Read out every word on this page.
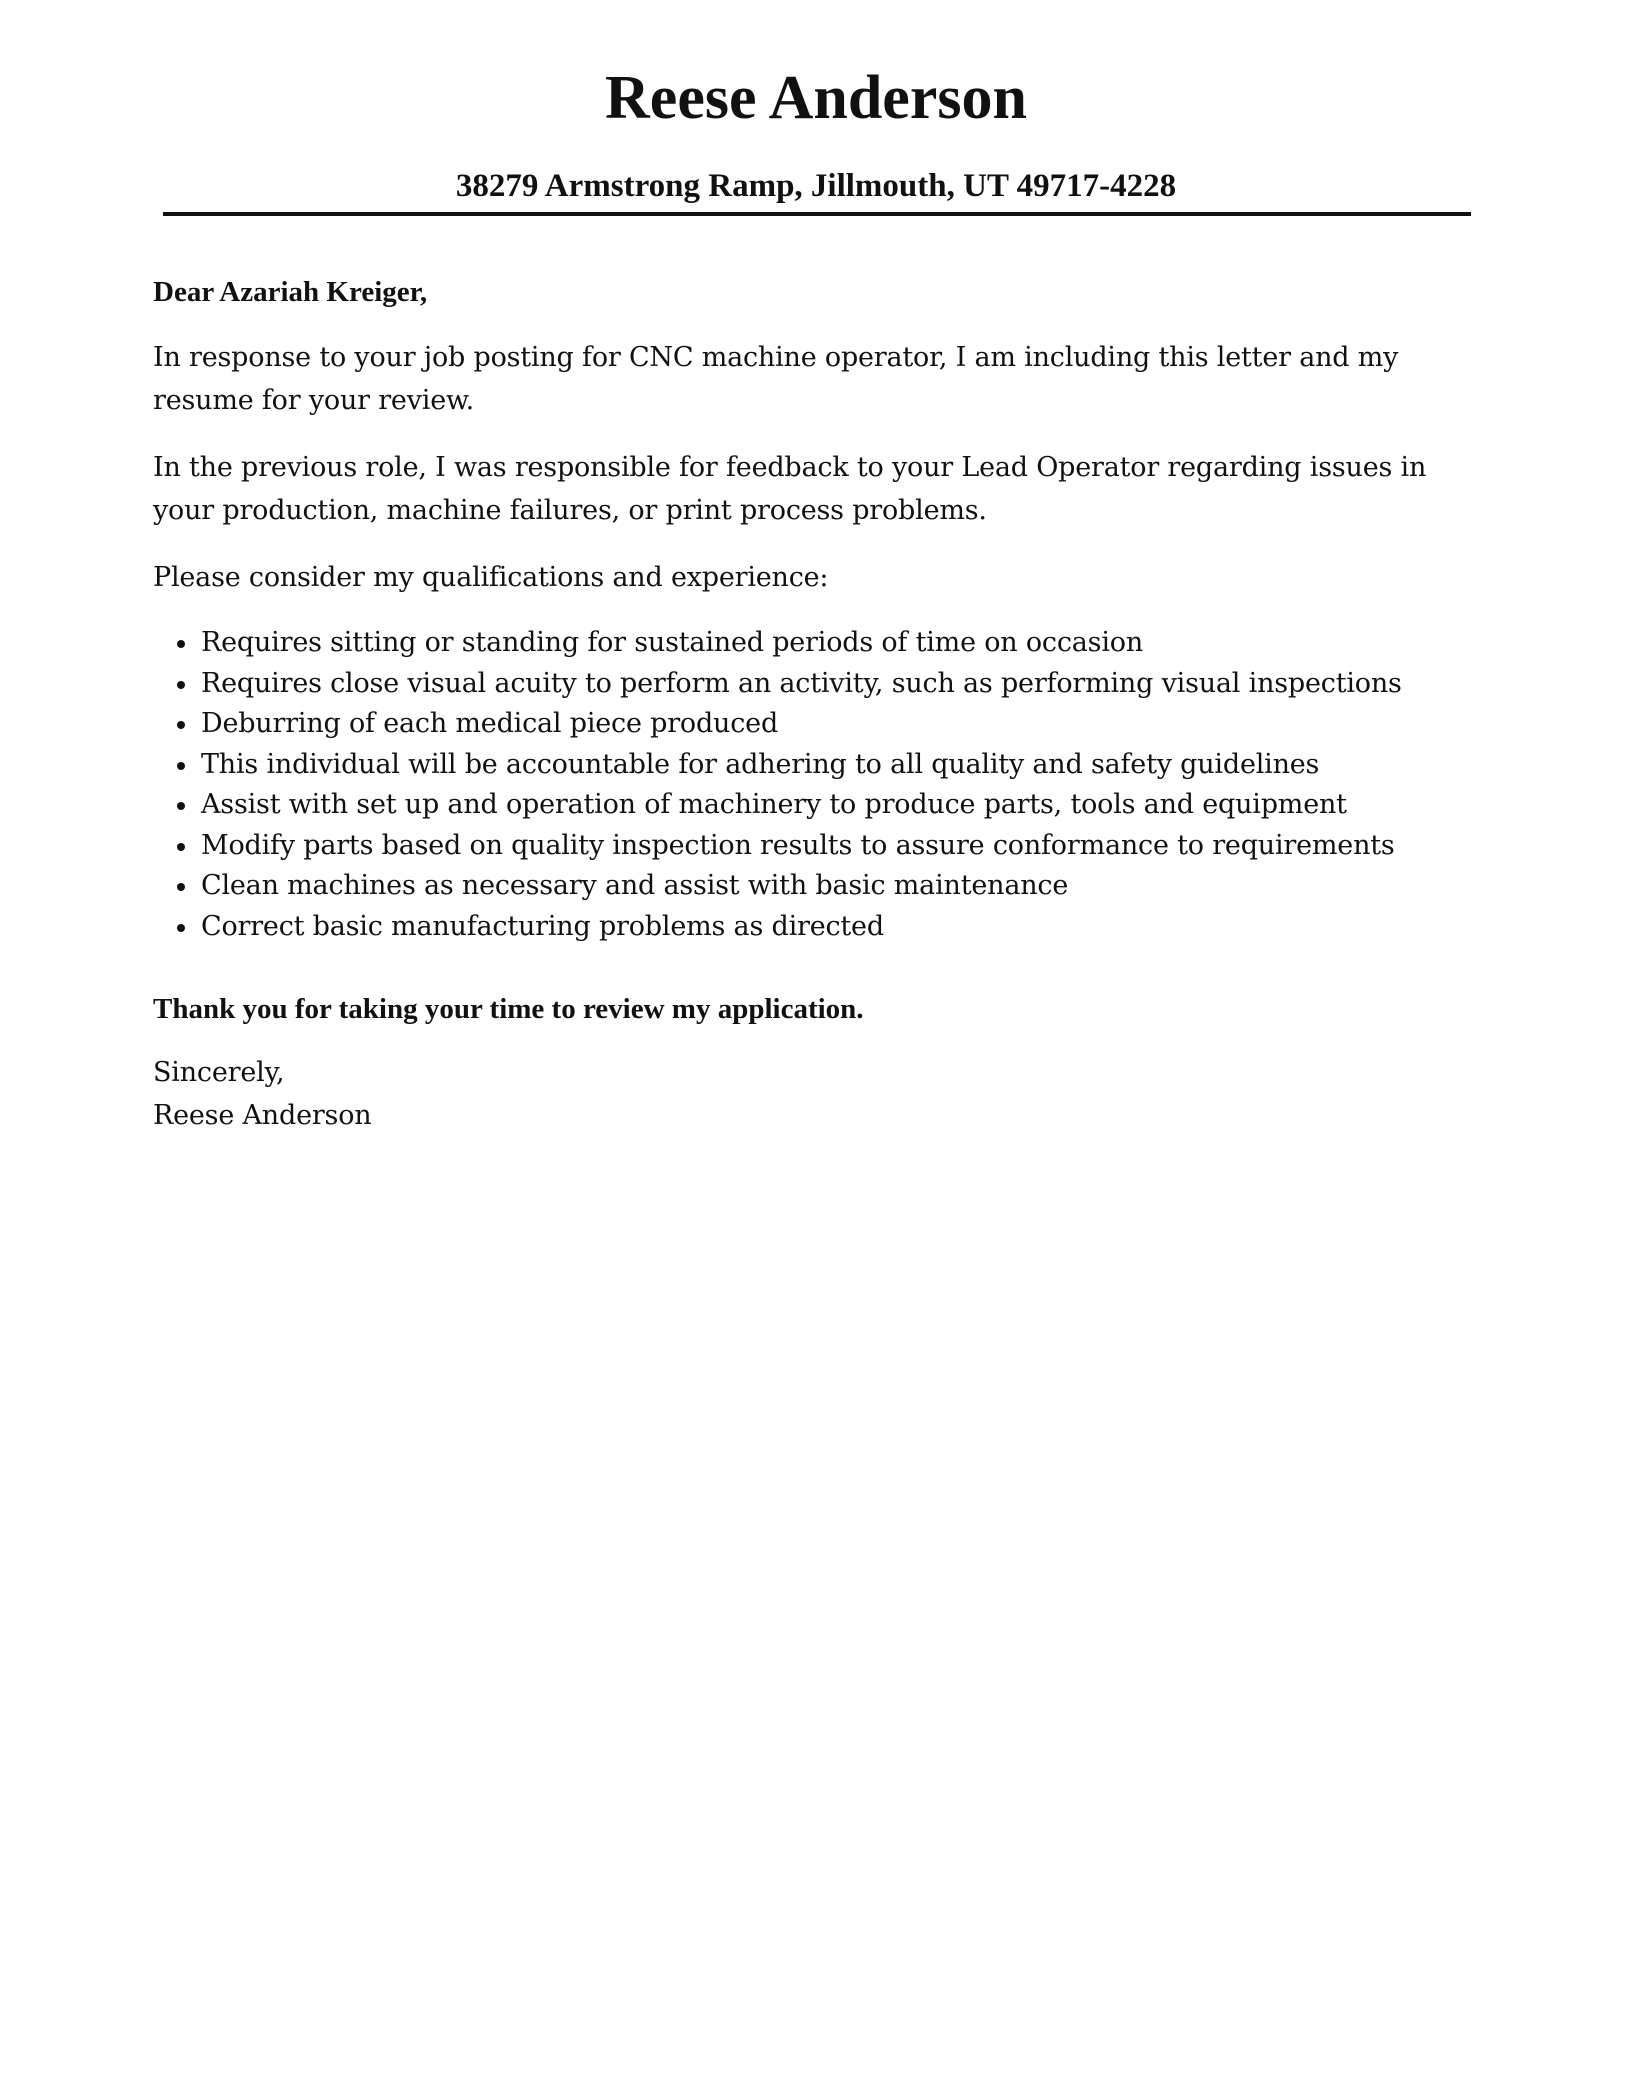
Reese Anderson
38279 Armstrong Ramp, Jillmouth, UT 49717-4228

Dear Azariah Kreiger,

In response to your job posting for CNC machine operator, I am including this letter and my resume for your review.

In the previous role, I was responsible for feedback to your Lead Operator regarding issues in your production, machine failures, or print process problems.

Please consider my qualifications and experience:

Requires sitting or standing for sustained periods of time on occasion
Requires close visual acuity to perform an activity, such as performing visual inspections
Deburring of each medical piece produced
This individual will be accountable for adhering to all quality and safety guidelines
Assist with set up and operation of machinery to produce parts, tools and equipment
Modify parts based on quality inspection results to assure conformance to requirements
Clean machines as necessary and assist with basic maintenance
Correct basic manufacturing problems as directed

Thank you for taking your time to review my application.

Sincerely,

Reese Anderson
